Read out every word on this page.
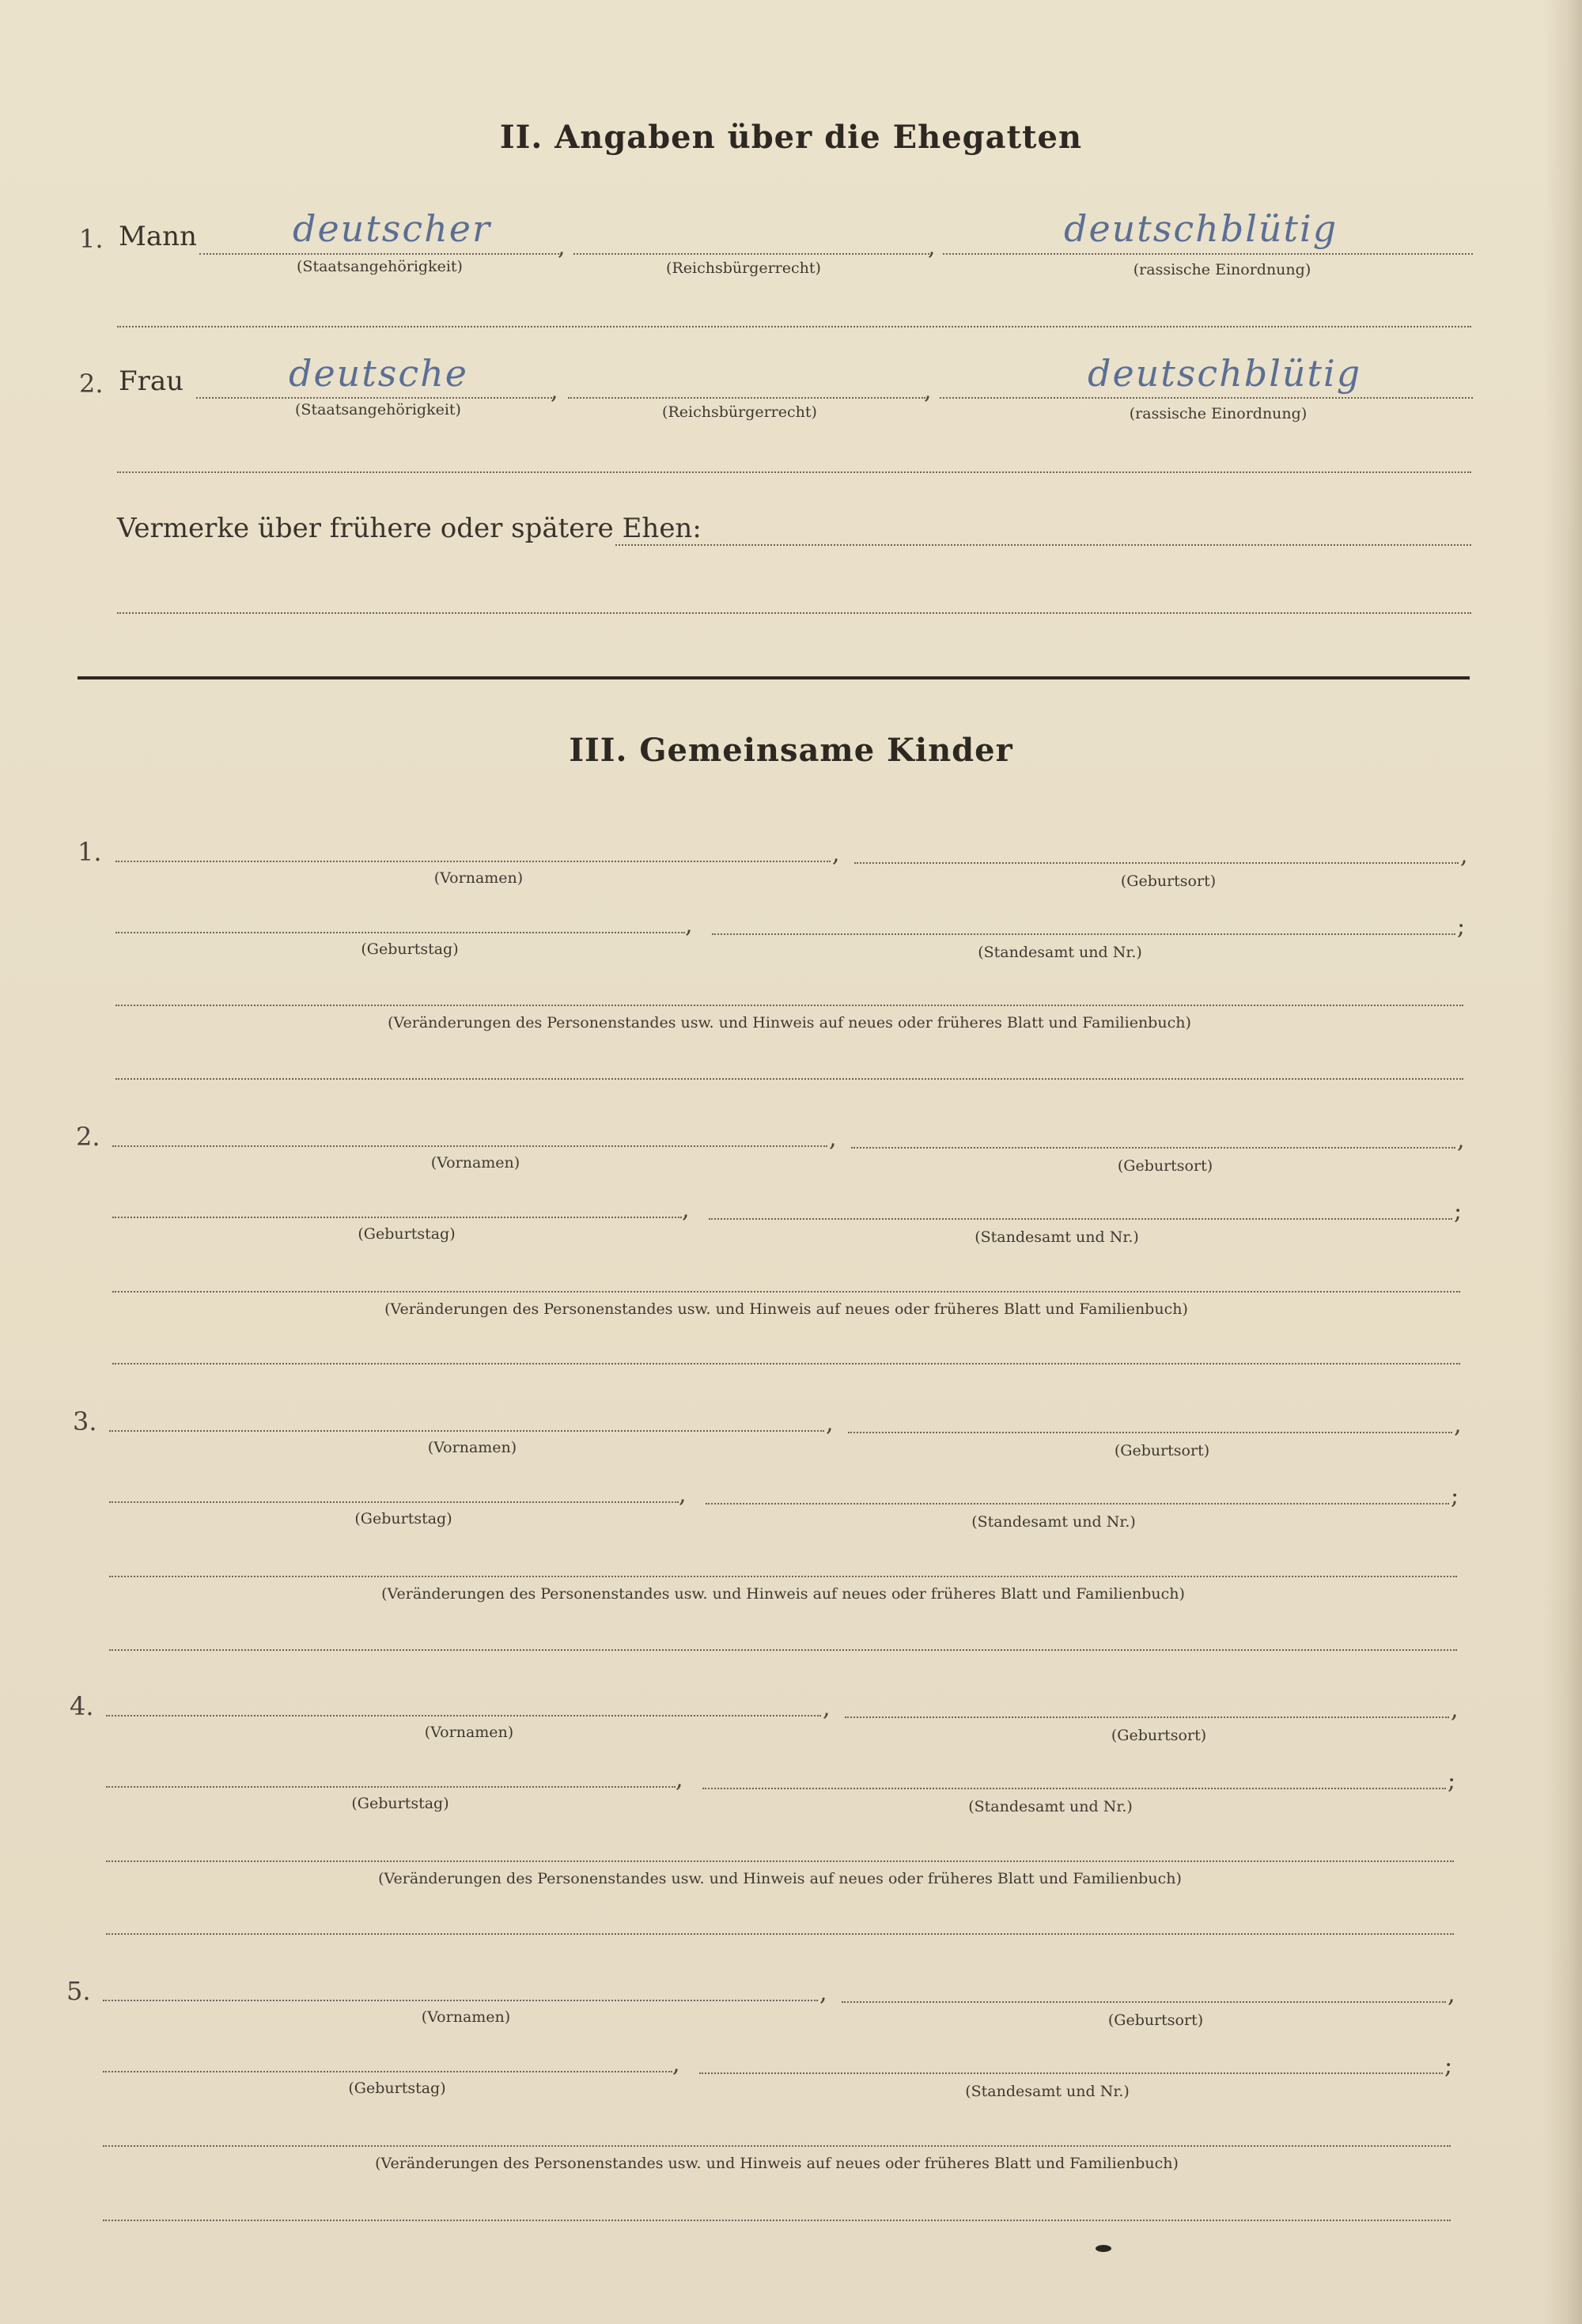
II. Angaben über die Ehegatten
1. Mann	deutscher	,	,	deutschblütig
(Staatsangehörigkeit)	(Reichsbürgerrecht)	(rassische Einordnung)
2. Frau	deutsche	,	,	deutschblütig
(Staatsangehörigkeit)	(Reichsbürgerrecht)	(rassische Einordnung)
Vermerke über frühere oder spätere Ehen:
III. Gemeinsame Kinder
1.	,	,
(Vornamen)	(Geburtsort)
,	;
(Geburtstag)	(Standesamt und Nr.)
(Veränderungen des Personenstandes usw. und Hinweis auf neues oder früheres Blatt und Familienbuch)
2.	,	,
(Vornamen)	(Geburtsort)
,	;
(Geburtstag)	(Standesamt und Nr.)
(Veränderungen des Personenstandes usw. und Hinweis auf neues oder früheres Blatt und Familienbuch)
3.	,	,
(Vornamen)	(Geburtsort)
,	;
(Geburtstag)	(Standesamt und Nr.)
(Veränderungen des Personenstandes usw. und Hinweis auf neues oder früheres Blatt und Familienbuch)
4.	,	,
(Vornamen)	(Geburtsort)
,	;
(Geburtstag)	(Standesamt und Nr.)
(Veränderungen des Personenstandes usw. und Hinweis auf neues oder früheres Blatt und Familienbuch)
5.	,	,
(Vornamen)	(Geburtsort)
,	;
(Geburtstag)	(Standesamt und Nr.)
(Veränderungen des Personenstandes usw. und Hinweis auf neues oder früheres Blatt und Familienbuch)
